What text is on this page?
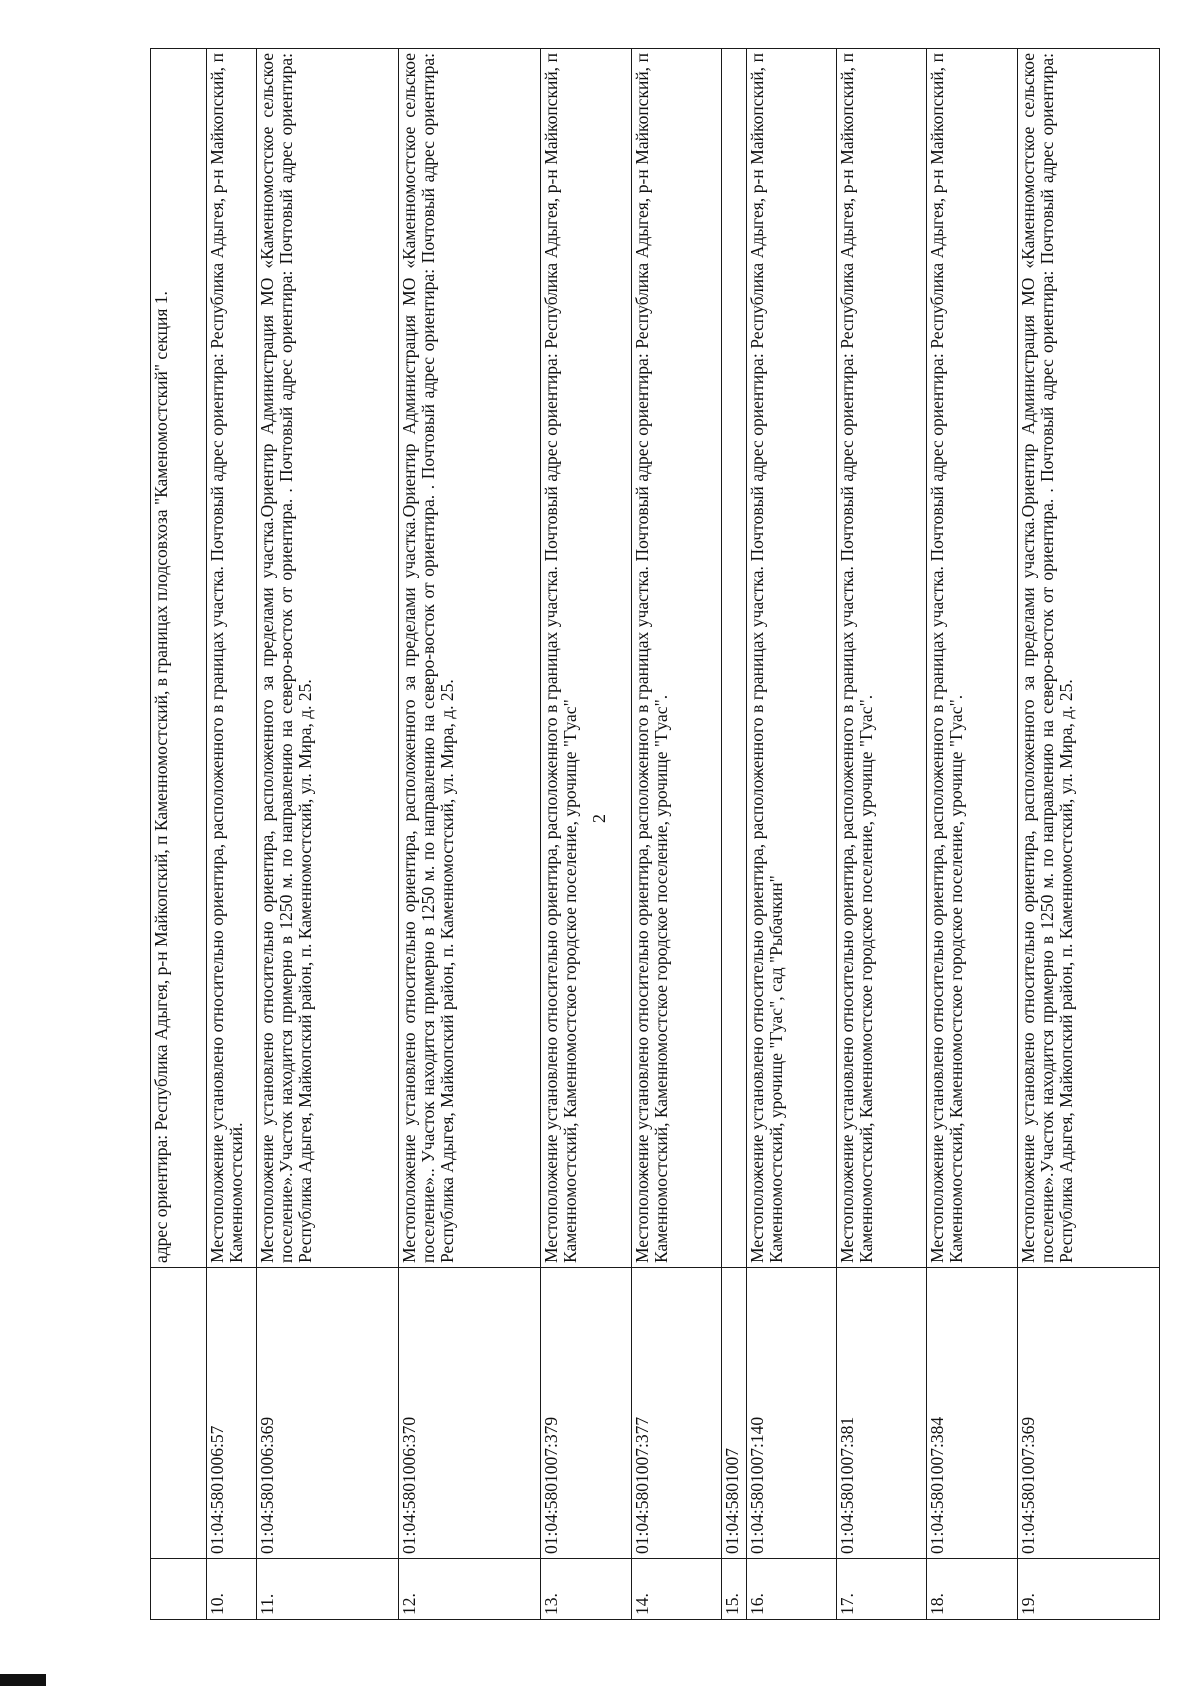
		адрес ориентира: Республика Адыгея, р-н Майкопский, п Каменномостский, в границах плодсовхоза "Каменомостский" секция 1.
10.	01:04:5801006:57	Местоположение установлено относительно ориентира, расположенного в границах участка. Почтовый адрес ориентира: Республика Адыгея, р-н Майкопский, п Каменномостский.
11.	01:04:5801006:369	Местоположение установлено относительно ориентира, расположенного за пределами участка.Ориентир Администрация МО «Каменномостское сельское поселение».Участок находится примерно в 1250 м. по направлению на северо-восток от ориентира. . Почтовый адрес ориентира: Почтовый адрес ориентира: Республика Адыгея, Майкопский район, п. Каменномостский, ул. Мира, д. 25.
12.	01:04:5801006:370	Местоположение установлено относительно ориентира, расположенного за пределами участка.Ориентир Администрация МО «Каменномостское сельское поселение».. Участок находится примерно в 1250 м. по направлению на северо-восток от ориентира. . Почтовый адрес ориентира: Почтовый адрес ориентира: Республика Адыгея, Майкопский район, п. Каменномостский, ул. Мира, д. 25.
13.	01:04:5801007:379	Местоположение установлено относительно ориентира, расположенного в границах участка. Почтовый адрес ориентира: Республика Адыгея, р-н Майкопский, п Каменномостский, Каменномостское городское поселение, урочище "Гуас"
14.	01:04:5801007:377	Местоположение установлено относительно ориентира, расположенного в границах участка. Почтовый адрес ориентира: Республика Адыгея, р-н Майкопский, п Каменномостский, Каменномостское городское поселение, урочище "Гуас".
15.	01:04:5801007	
16.	01:04:5801007:140	Местоположение установлено относительно ориентира, расположенного в границах участка. Почтовый адрес ориентира: Республика Адыгея, р-н Майкопский, п Каменномостский, урочище "Гуас", сад "Рыбачкин"
17.	01:04:5801007:381	Местоположение установлено относительно ориентира, расположенного в границах участка. Почтовый адрес ориентира: Республика Адыгея, р-н Майкопский, п Каменномостский, Каменномостское городское поселение, урочище "Гуас".
18.	01:04:5801007:384	Местоположение установлено относительно ориентира, расположенного в границах участка. Почтовый адрес ориентира: Республика Адыгея, р-н Майкопский, п Каменномостский, Каменномостское городское поселение, урочище "Гуас".
19.	01:04:5801007:369	Местоположение установлено относительно ориентира, расположенного за пределами участка.Ориентир Администрация МО «Каменномостское сельское поселение».Участок находится примерно в 1250 м. по направлению на северо-восток от ориентира. . Почтовый адрес ориентира: Почтовый адрес ориентира: Республика Адыгея, Майкопский район, п. Каменномостский, ул. Мира, д. 25.
2
